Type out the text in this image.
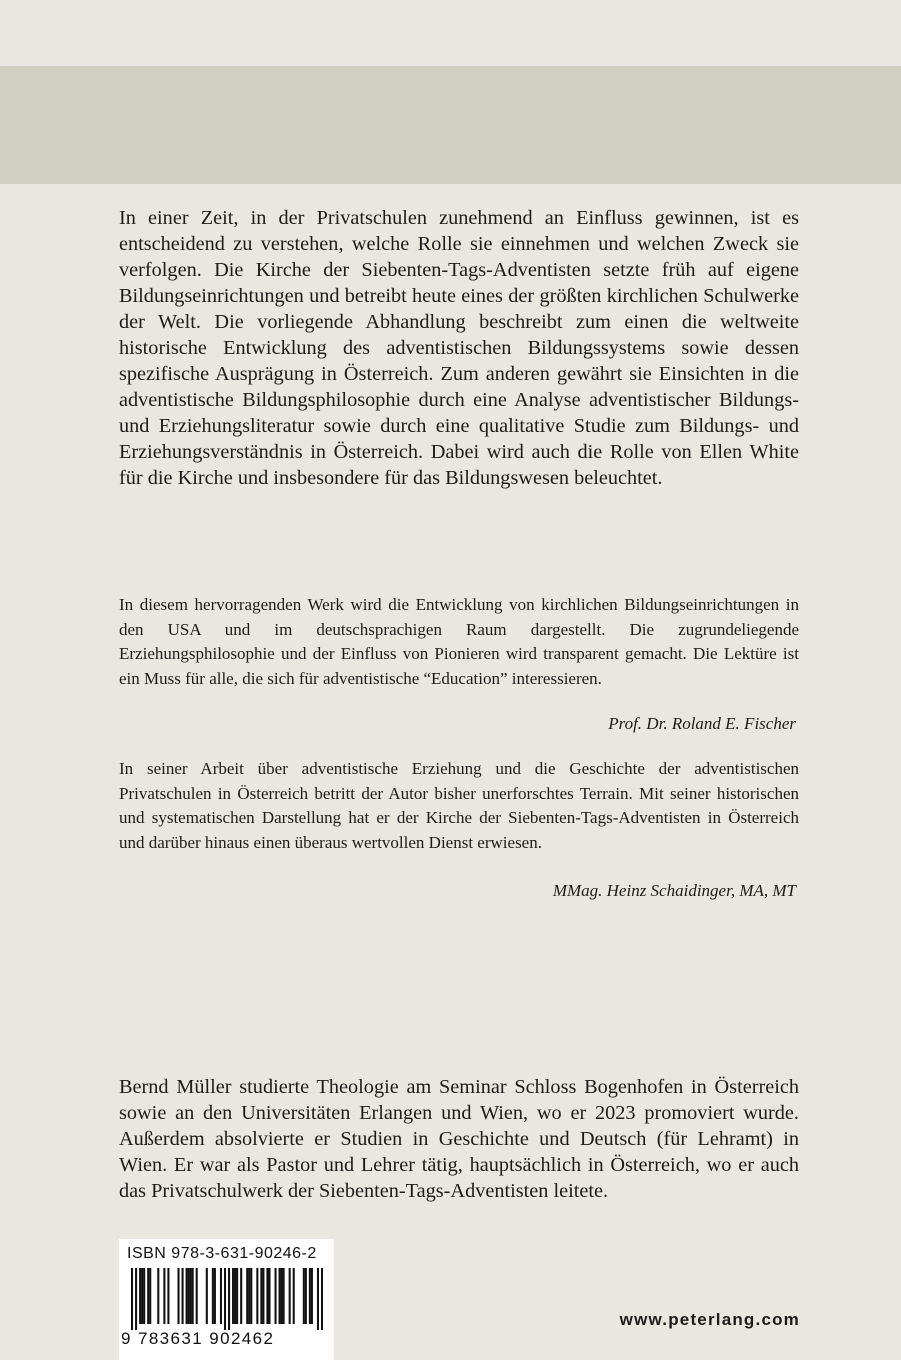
In einer Zeit, in der Privatschulen zunehmend an Einfluss gewinnen, ist es entscheidend zu verstehen, welche Rolle sie einnehmen und welchen Zweck sie verfolgen. Die Kirche der Siebenten-Tags-Adventisten setzte früh auf eigene Bildungseinrichtungen und betreibt heute eines der größten kirchlichen Schulwerke der Welt. Die vorliegende Abhandlung beschreibt zum einen die weltweite historische Entwicklung des adventistischen Bildungssystems sowie dessen spezifische Ausprägung in Österreich. Zum anderen gewährt sie Einsichten in die adventistische Bildungsphilosophie durch eine Analyse adventistischer Bildungs- und Erziehungsliteratur sowie durch eine qualitative Studie zum Bildungs- und Erziehungsverständnis in Österreich. Dabei wird auch die Rolle von Ellen White für die Kirche und insbesondere für das Bildungswesen beleuchtet.

In diesem hervorragenden Werk wird die Entwicklung von kirchlichen Bildungseinrichtungen in den USA und im deutschsprachigen Raum dargestellt. Die zugrundeliegende Erziehungsphilosophie und der Einfluss von Pionieren wird transparent gemacht. Die Lektüre ist ein Muss für alle, die sich für adventistische “Education” interessieren.

Prof. Dr. Roland E. Fischer

In seiner Arbeit über adventistische Erziehung und die Geschichte der adventistischen Privatschulen in Österreich betritt der Autor bisher unerforschtes Terrain. Mit seiner historischen und systematischen Darstellung hat er der Kirche der Siebenten-Tags-Adventisten in Österreich und darüber hinaus einen überaus wertvollen Dienst erwiesen.

MMag. Heinz Schaidinger, MA, MT

Bernd Müller studierte Theologie am Seminar Schloss Bogenhofen in Österreich sowie an den Universitäten Erlangen und Wien, wo er 2023 promoviert wurde. Außerdem absolvierte er Studien in Geschichte und Deutsch (für Lehramt) in Wien. Er war als Pastor und Lehrer tätig, hauptsächlich in Österreich, wo er auch das Privatschulwerk der Siebenten-Tags-Adventisten leitete.

ISBN 978-3-631-90246-2
9 783631 902462
www.peterlang.com
